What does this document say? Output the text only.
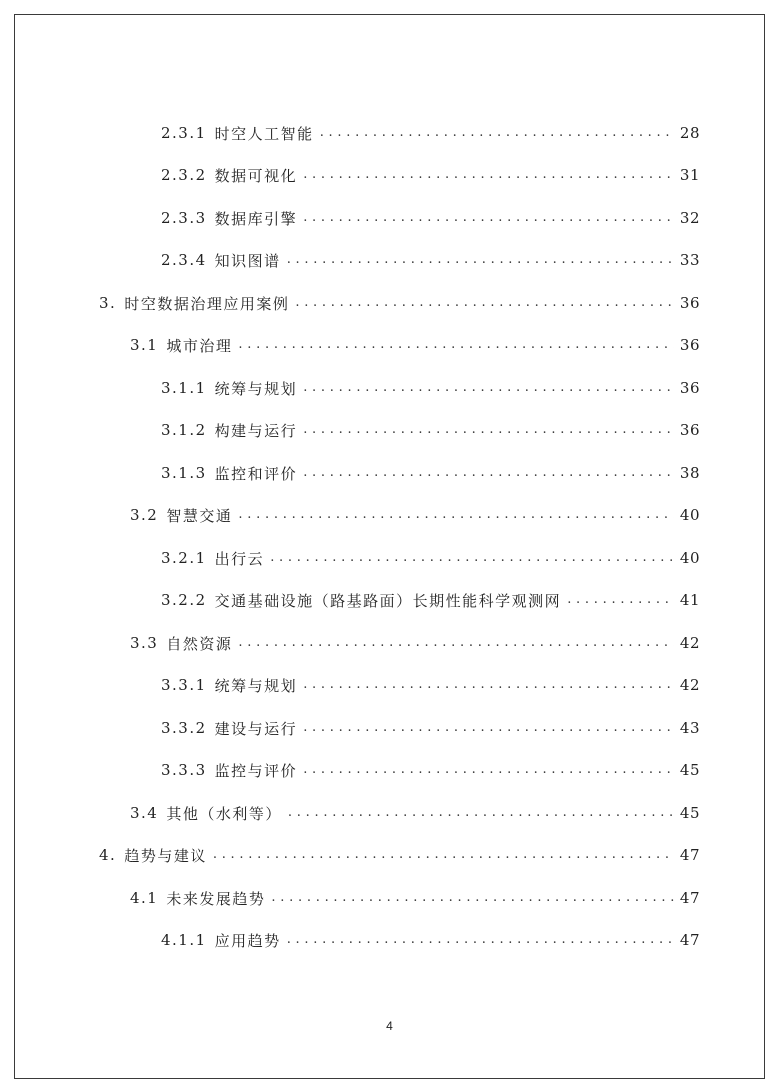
2.3.1 时空人工智能 . . .	28
2.3.2 数据可视化 . . .	31
2.3.3 数据库引擎 . . .	32
2.3.4 知识图谱 . . .	33
3. 时空数据治理应用案例 . . .	36
3.1 城市治理 . . .	36
3.1.1 统筹与规划 . . .	36
3.1.2 构建与运行 . . .	36
3.1.3 监控和评价 . . .	38
3.2 智慧交通 . . .	40
3.2.1 出行云 . . .	40
3.2.2 交通基础设施（路基路面）长期性能科学观测网 . . .	41
3.3 自然资源 . . .	42
3.3.1 统筹与规划 . . .	42
3.3.2 建设与运行 . . .	43
3.3.3 监控与评价 . . .	45
3.4 其他（水利等） . . .	45
4. 趋势与建议 . . .	47
4.1 未来发展趋势 . . .	47
4.1.1 应用趋势 . . .	47
4
